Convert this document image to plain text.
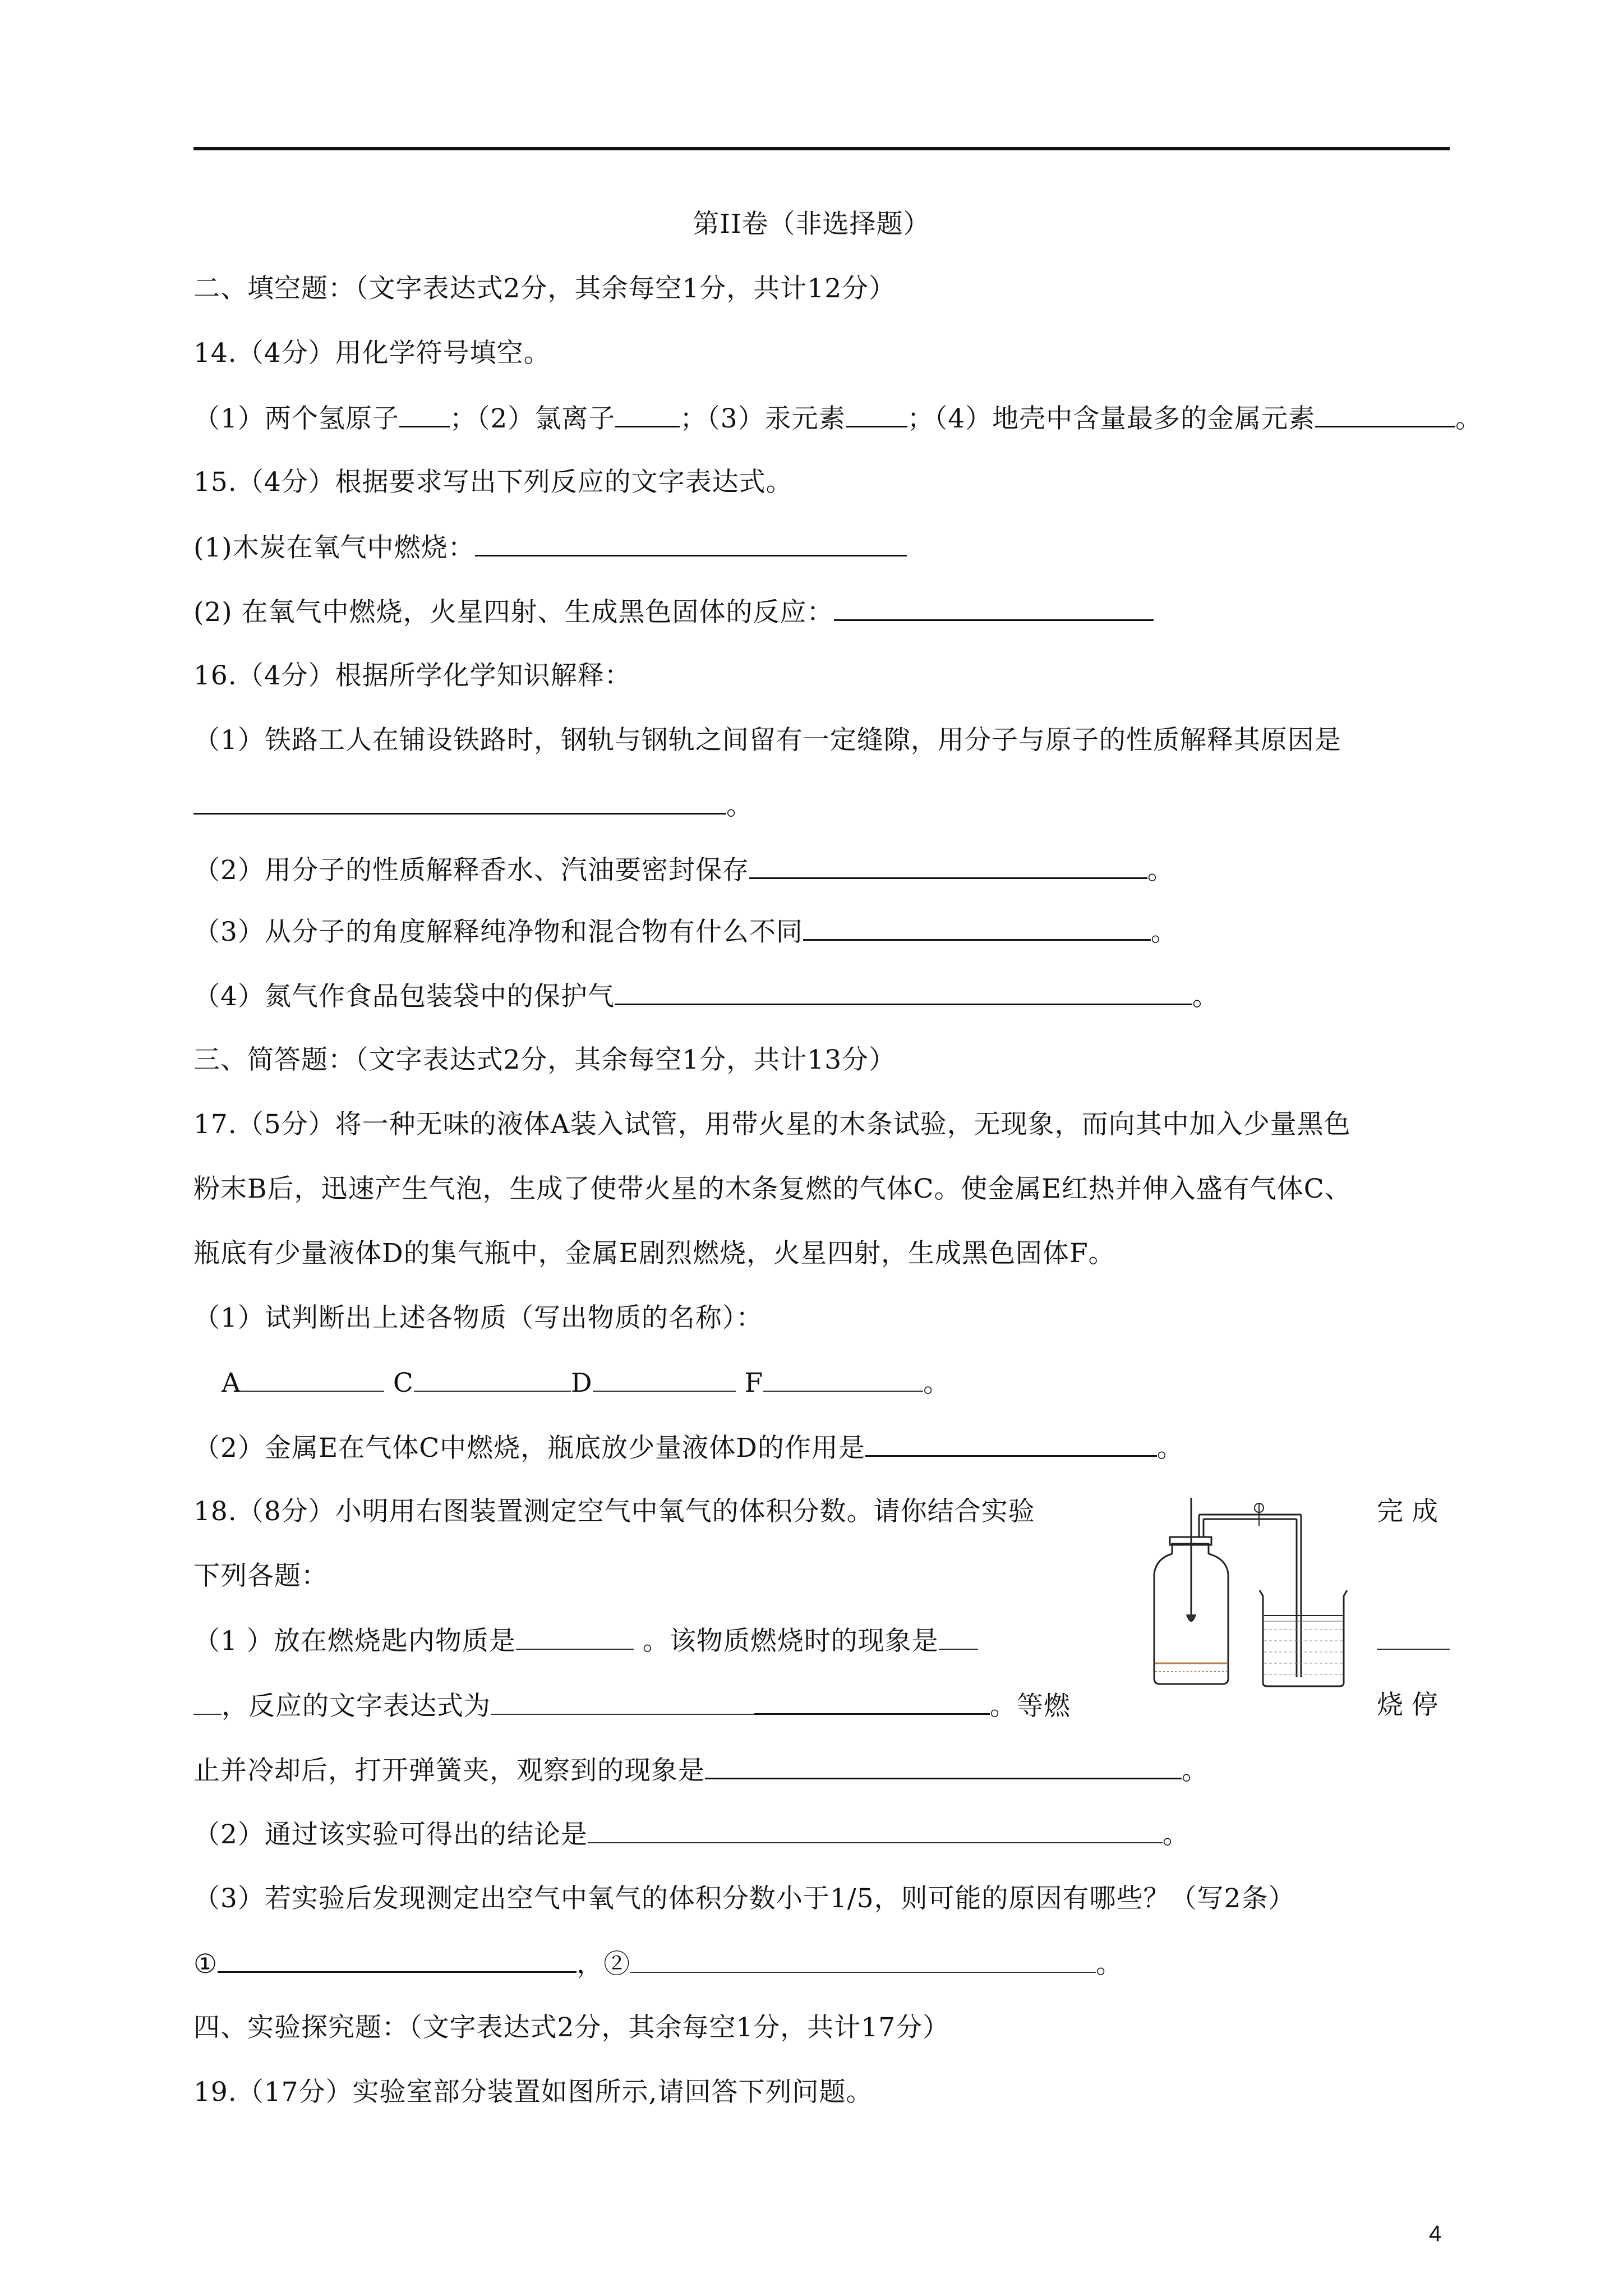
第II卷（非选择题）
二、填空题：（文字表达式2分，其余每空1分，共计12分）
14.（4分）用化学符号填空。
（1）两个氢原子 ；（2）氯离子 ；（3）汞元素 ；（4）地壳中含量最多的金属元素	。
15.（4分）根据要求写出下列反应的文字表达式。
(1)木炭在氧气中燃烧：
(2) 在氧气中燃烧，火星四射、生成黑色固体的反应：
16.（4分）根据所学化学知识解释：
（1）铁路工人在铺设铁路时，钢轨与钢轨之间留有一定缝隙，用分子与原子的性质解释其原因是
。
（2）用分子的性质解释香水、汽油要密封保存	。
（3）从分子的角度解释纯净物和混合物有什么不同	。
（4）氮气作食品包装袋中的保护气	。
三、简答题：（文字表达式2分，其余每空1分，共计13分）
17.（5分）将一种无味的液体A装入试管，用带火星的木条试验，无现象，而向其中加入少量黑色
粉末B后，迅速产生气泡，生成了使带火星的木条复燃的气体C。使金属E红热并伸入盛有气体C、
瓶底有少量液体D的集气瓶中，金属E剧烈燃烧，火星四射，生成黑色固体F。
（1）试判断出上述各物质（写出物质的名称）：
A	C	D	F	。
（2）金属E在气体C中燃烧，瓶底放少量液体D的作用是	。
18.（8分）小明用右图装置测定空气中氧气的体积分数。请你结合实验	完 成
下列各题：
（1 ）放在燃烧匙内物质是	。该物质燃烧时的现象是
，反应的文字表达式为	。等燃	烧 停
止并冷却后，打开弹簧夹，观察到的现象是	。
（2）通过该实验可得出的结论是	。
（3）若实验后发现测定出空气中氧气的体积分数小于1/5，则可能的原因有哪些？（写2条）
①	，②	。
四、实验探究题：（文字表达式2分，其余每空1分，共计17分）
19.（17分）实验室部分装置如图所示,请回答下列问题。
4
